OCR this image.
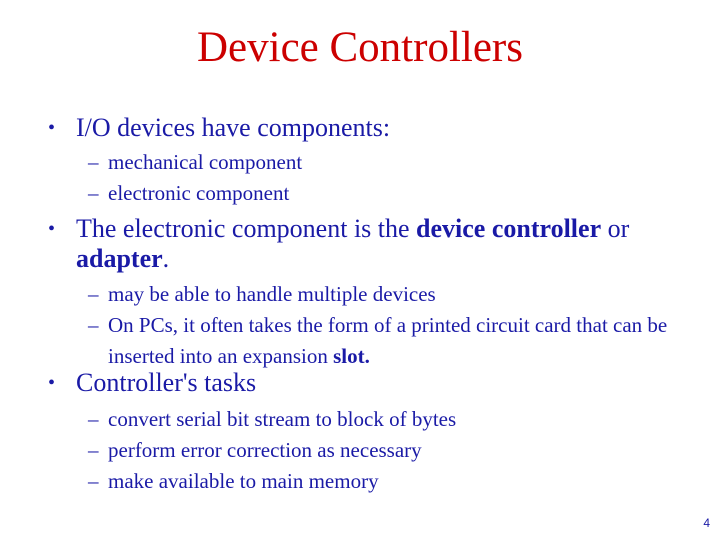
Device Controllers
• I/O devices have components:
– mechanical component
– electronic component
• The electronic component is the device controller or adapter.
– may be able to handle multiple devices
– On PCs, it often takes the form of a printed circuit card that can be inserted into an expansion slot.
• Controller's tasks
– convert serial bit stream to block of bytes
– perform error correction as necessary
– make available to main memory
4
